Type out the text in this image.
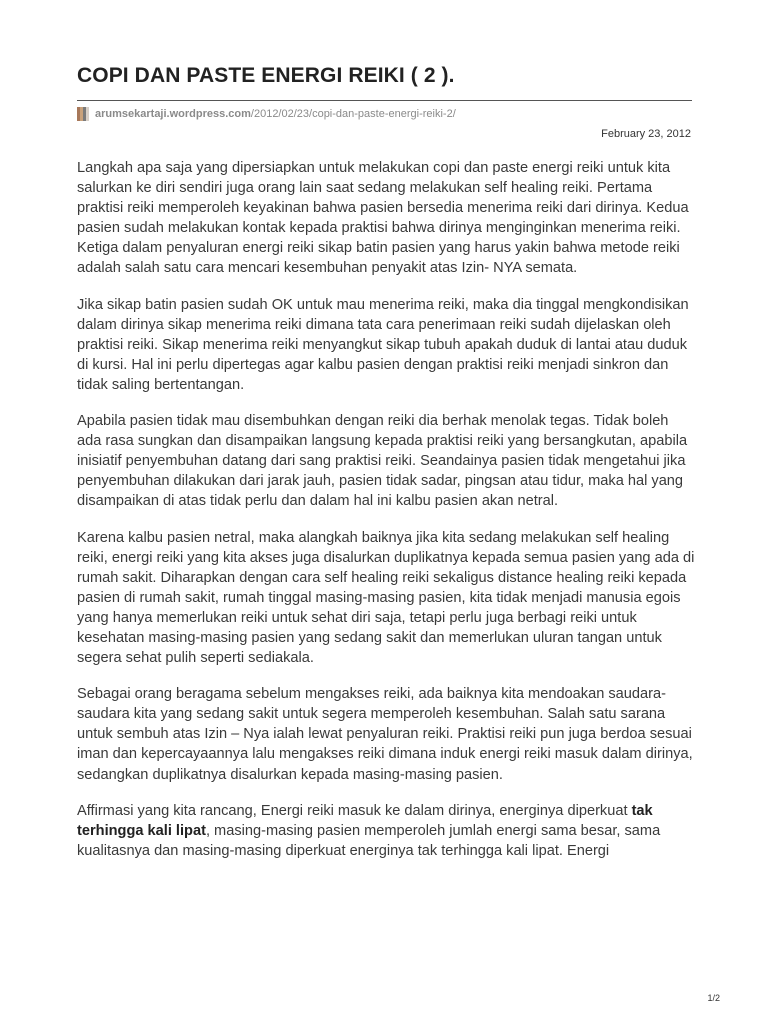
COPI DAN PASTE ENERGI REIKI ( 2 ).
arumsekartaji.wordpress.com/2012/02/23/copi-dan-paste-energi-reiki-2/
February 23, 2012

Langkah apa saja yang dipersiapkan untuk melakukan copi dan paste energi reiki untuk kita salurkan ke diri sendiri juga orang lain saat sedang melakukan self healing reiki. Pertama praktisi reiki memperoleh keyakinan bahwa pasien bersedia menerima reiki dari dirinya. Kedua pasien sudah melakukan kontak kepada praktisi bahwa dirinya menginginkan menerima reiki. Ketiga dalam penyaluran energi reiki sikap batin pasien yang harus yakin bahwa metode reiki adalah salah satu cara mencari kesembuhan penyakit atas Izin- NYA semata.

Jika sikap batin pasien sudah OK untuk mau menerima reiki, maka dia tinggal mengkondisikan dalam dirinya sikap menerima reiki dimana tata cara penerimaan reiki sudah dijelaskan oleh praktisi reiki. Sikap menerima reiki menyangkut sikap tubuh apakah duduk di lantai atau duduk di kursi. Hal ini perlu dipertegas agar kalbu pasien dengan praktisi reiki menjadi sinkron dan tidak saling bertentangan.

Apabila pasien tidak mau disembuhkan dengan reiki dia berhak menolak tegas. Tidak boleh ada rasa sungkan dan disampaikan langsung kepada praktisi reiki yang bersangkutan, apabila inisiatif penyembuhan datang dari sang praktisi reiki. Seandainya pasien tidak mengetahui jika penyembuhan dilakukan dari jarak jauh, pasien tidak sadar, pingsan atau tidur, maka hal yang disampaikan di atas tidak perlu dan dalam hal ini kalbu pasien akan netral.

Karena kalbu pasien netral, maka alangkah baiknya jika kita sedang melakukan self healing reiki, energi reiki yang kita akses juga disalurkan duplikatnya kepada semua pasien yang ada di rumah sakit. Diharapkan dengan cara self healing reiki sekaligus distance healing reiki kepada pasien di rumah sakit, rumah tinggal masing-masing pasien, kita tidak menjadi manusia egois yang hanya memerlukan reiki untuk sehat diri saja, tetapi perlu juga berbagi reiki untuk kesehatan masing-masing pasien yang sedang sakit dan memerlukan uluran tangan untuk segera sehat pulih seperti sediakala.

Sebagai orang beragama sebelum mengakses reiki, ada baiknya kita mendoakan saudara-saudara kita yang sedang sakit untuk segera memperoleh kesembuhan. Salah satu sarana untuk sembuh atas Izin – Nya ialah lewat penyaluran reiki. Praktisi reiki pun juga berdoa sesuai iman dan kepercayaannya lalu mengakses reiki dimana induk energi reiki masuk dalam dirinya, sedangkan duplikatnya disalurkan kepada masing-masing pasien.

Affirmasi yang kita rancang, Energi reiki masuk ke dalam dirinya, energinya diperkuat tak terhingga kali lipat, masing-masing pasien memperoleh jumlah energi sama besar, sama kualitasnya dan masing-masing diperkuat energinya tak terhingga kali lipat. Energi

1/2
